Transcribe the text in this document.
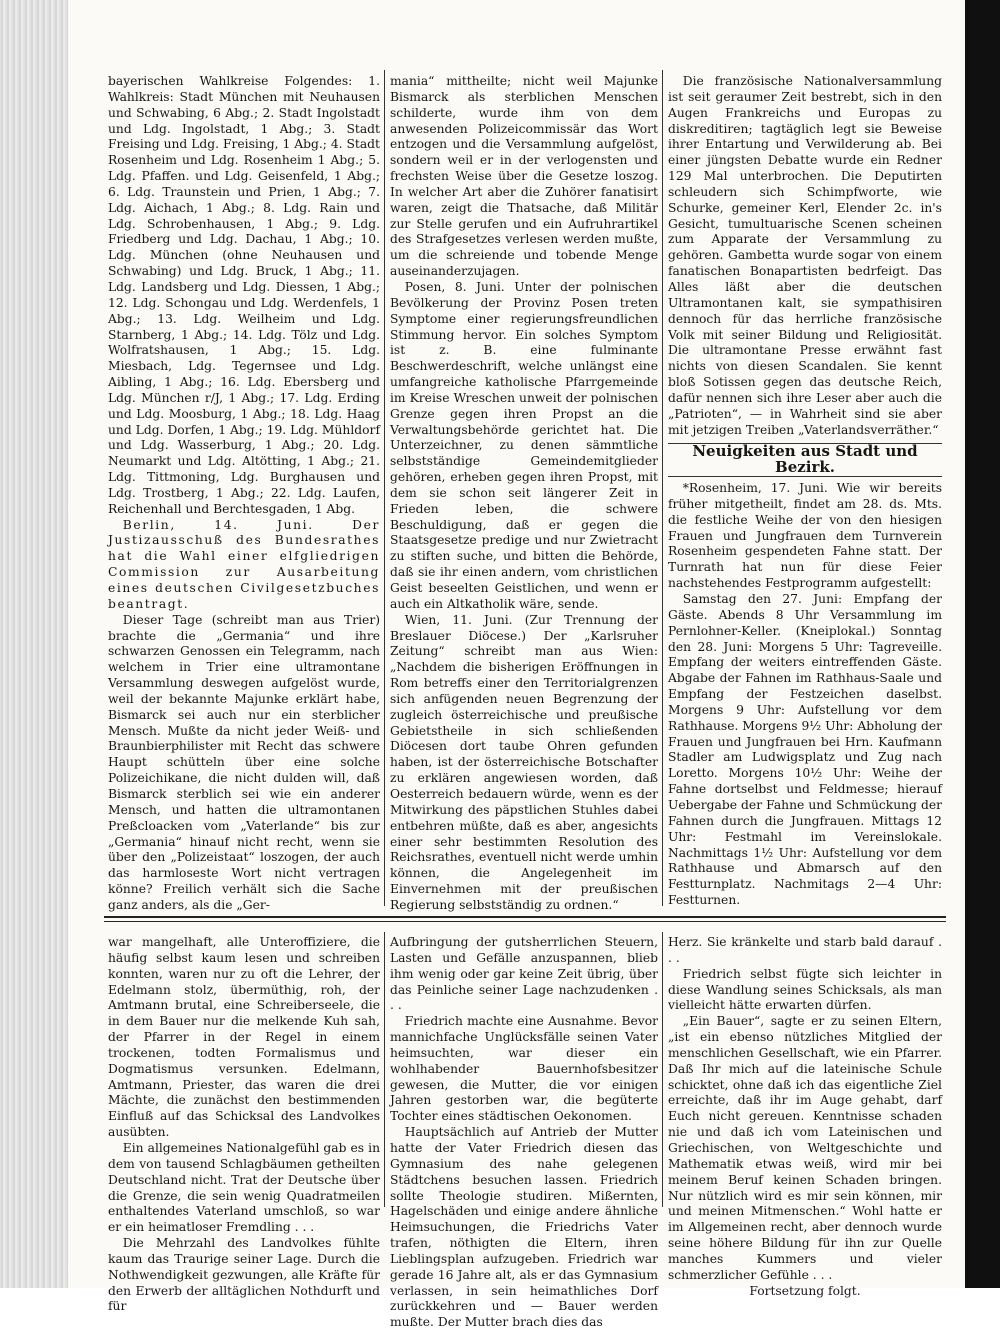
bayerischen Wahlkreise Folgendes: 1. Wahlkreis: Stadt München mit Neuhausen und Schwabing, 6 Abg.; 2. Stadt Ingolstadt und Ldg. Ingolstadt, 1 Abg.; 3. Stadt Freising und Ldg. Freising, 1 Abg.; 4. Stadt Rosenheim und Ldg. Rosenheim 1 Abg.; 5. Ldg. Pfaffen. und Ldg. Geisenfeld, 1 Abg.; 6. Ldg. Traunstein und Prien, 1 Abg.; 7. Ldg. Aichach, 1 Abg.; 8. Ldg. Rain und Ldg. Schrobenhausen, 1 Abg.; 9. Ldg. Friedberg und Ldg. Dachau, 1 Abg.; 10. Ldg. München (ohne Neuhausen und Schwabing) und Ldg. Bruck, 1 Abg.; 11. Ldg. Landsberg und Ldg. Diessen, 1 Abg.; 12. Ldg. Schongau und Ldg. Werdenfels, 1 Abg.; 13. Ldg. Weilheim und Ldg. Starnberg, 1 Abg.; 14. Ldg. Tölz und Ldg. Wolfratshausen, 1 Abg.; 15. Ldg. Miesbach, Ldg. Tegernsee und Ldg. Aibling, 1 Abg.; 16. Ldg. Ebersberg und Ldg. München r/J, 1 Abg.; 17. Ldg. Erding und Ldg. Moosburg, 1 Abg.; 18. Ldg. Haag und Ldg. Dorfen, 1 Abg.; 19. Ldg. Mühldorf und Ldg. Wasserburg, 1 Abg.; 20. Ldg. Neumarkt und Ldg. Altötting, 1 Abg.; 21. Ldg. Tittmoning, Ldg. Burghausen und Ldg. Trostberg, 1 Abg.; 22. Ldg. Laufen, Reichenhall und Berchtesgaden, 1 Abg.

Berlin, 14. Juni. Der Justizausschuß des Bundesrathes hat die Wahl einer elfgliedrigen Commission zur Ausarbeitung eines deutschen Civilgesetzbuches beantragt.

Dieser Tage (schreibt man aus Trier) brachte die „Germania“ und ihre schwarzen Genossen ein Telegramm, nach welchem in Trier eine ultramontane Versammlung deswegen aufgelöst wurde, weil der bekannte Majunke erklärt habe, Bismarck sei auch nur ein sterblicher Mensch. Mußte da nicht jeder Weiß- und Braunbierphilister mit Recht das schwere Haupt schütteln über eine solche Polizeichikane, die nicht dulden will, daß Bismarck sterblich sei wie ein anderer Mensch, und hatten die ultramontanen Preßcloacken vom „Vaterlande“ bis zur „Germania“ hinauf nicht recht, wenn sie über den „Polizeistaat“ loszogen, der auch das harmloseste Wort nicht vertragen könne? Freilich verhält sich die Sache ganz anders, als die „Ger-

mania“ mittheilte; nicht weil Majunke Bismarck als sterblichen Menschen schilderte, wurde ihm von dem anwesenden Polizeicommissär das Wort entzogen und die Versammlung aufgelöst, sondern weil er in der verlogensten und frechsten Weise über die Gesetze loszog. In welcher Art aber die Zuhörer fanatisirt waren, zeigt die Thatsache, daß Militär zur Stelle gerufen und ein Aufruhrartikel des Strafgesetzes verlesen werden mußte, um die schreiende und tobende Menge auseinanderzujagen.

Posen, 8. Juni. Unter der polnischen Bevölkerung der Provinz Posen treten Symptome einer regierungsfreundlichen Stimmung hervor. Ein solches Symptom ist z. B. eine fulminante Beschwerdeschrift, welche unlängst eine umfangreiche katholische Pfarrgemeinde im Kreise Wreschen unweit der polnischen Grenze gegen ihren Propst an die Verwaltungsbehörde gerichtet hat. Die Unterzeichner, zu denen sämmtliche selbstständige Gemeindemitglieder gehören, erheben gegen ihren Propst, mit dem sie schon seit längerer Zeit in Frieden leben, die schwere Beschuldigung, daß er gegen die Staatsgesetze predige und nur Zwietracht zu stiften suche, und bitten die Behörde, daß sie ihr einen andern, vom christlichen Geist beseelten Geistlichen, und wenn er auch ein Altkatholik wäre, sende.

Wien, 11. Juni. (Zur Trennung der Breslauer Diöcese.) Der „Karlsruher Zeitung“ schreibt man aus Wien: „Nachdem die bisherigen Eröffnungen in Rom betreffs einer den Territorialgrenzen sich anfügenden neuen Begrenzung der zugleich österreichische und preußische Gebietstheile in sich schließenden Diöcesen dort taube Ohren gefunden haben, ist der österreichische Botschafter zu erklären angewiesen worden, daß Oesterreich bedauern würde, wenn es der Mitwirkung des päpstlichen Stuhles dabei entbehren müßte, daß es aber, angesichts einer sehr bestimmten Resolution des Reichsrathes, eventuell nicht werde umhin können, die Angelegenheit im Einvernehmen mit der preußischen Regierung selbstständig zu ordnen.“

Die französische Nationalversammlung ist seit geraumer Zeit bestrebt, sich in den Augen Frankreichs und Europas zu diskreditiren; tagtäglich legt sie Beweise ihrer Entartung und Verwilderung ab. Bei einer jüngsten Debatte wurde ein Redner 129 Mal unterbrochen. Die Deputirten schleudern sich Schimpfworte, wie Schurke, gemeiner Kerl, Elender 2c. in's Gesicht, tumultuarische Scenen scheinen zum Apparate der Versammlung zu gehören. Gambetta wurde sogar von einem fanatischen Bonapartisten bedrfeigt. Das Alles läßt aber die deutschen Ultramontanen kalt, sie sympathisiren dennoch für das herrliche französische Volk mit seiner Bildung und Religiosität. Die ultramontane Presse erwähnt fast nichts von diesen Scandalen. Sie kennt bloß Sotissen gegen das deutsche Reich, dafür nennen sich ihre Leser aber auch die „Patrioten“, — in Wahrheit sind sie aber mit jetzigen Treiben „Vaterlandsverräther.“

Neuigkeiten aus Stadt und Bezirk.

*Rosenheim, 17. Juni. Wie wir bereits früher mitgetheilt, findet am 28. ds. Mts. die festliche Weihe der von den hiesigen Frauen und Jungfrauen dem Turnverein Rosenheim gespendeten Fahne statt. Der Turnrath hat nun für diese Feier nachstehendes Festprogramm aufgestellt:

Samstag den 27. Juni: Empfang der Gäste. Abends 8 Uhr Versammlung im Pernlohner-Keller. (Kneiplokal.) Sonntag den 28. Juni: Morgens 5 Uhr: Tagreveille. Empfang der weiters eintreffenden Gäste. Abgabe der Fahnen im Rathhaus-Saale und Empfang der Festzeichen daselbst. Morgens 9 Uhr: Aufstellung vor dem Rathhause. Morgens 9½ Uhr: Abholung der Frauen und Jungfrauen bei Hrn. Kaufmann Stadler am Ludwigsplatz und Zug nach Loretto. Morgens 10½ Uhr: Weihe der Fahne dortselbst und Feldmesse; hierauf Uebergabe der Fahne und Schmückung der Fahnen durch die Jungfrauen. Mittags 12 Uhr: Festmahl im Vereinslokale. Nachmittags 1½ Uhr: Aufstellung vor dem Rathhause und Abmarsch auf den Festturnplatz. Nachmitags 2—4 Uhr: Festturnen.

war mangelhaft, alle Unteroffiziere, die häufig selbst kaum lesen und schreiben konnten, waren nur zu oft die Lehrer, der Edelmann stolz, übermüthig, roh, der Amtmann brutal, eine Schreiberseele, die in dem Bauer nur die melkende Kuh sah, der Pfarrer in der Regel in einem trockenen, todten Formalismus und Dogmatismus versunken. Edelmann, Amtmann, Priester, das waren die drei Mächte, die zunächst den bestimmenden Einfluß auf das Schicksal des Landvolkes ausübten.

Ein allgemeines Nationalgefühl gab es in dem von tausend Schlagbäumen getheilten Deutschland nicht. Trat der Deutsche über die Grenze, die sein wenig Quadratmeilen enthaltendes Vaterland umschloß, so war er ein heimatloser Fremdling . . .

Die Mehrzahl des Landvolkes fühlte kaum das Traurige seiner Lage. Durch die Nothwendigkeit gezwungen, alle Kräfte für den Erwerb der alltäglichen Nothdurft und für

Aufbringung der gutsherrlichen Steuern, Lasten und Gefälle anzuspannen, blieb ihm wenig oder gar keine Zeit übrig, über das Peinliche seiner Lage nachzudenken . . .

Friedrich machte eine Ausnahme. Bevor mannichfache Unglücksfälle seinen Vater heimsuchten, war dieser ein wohlhabender Bauernhofsbesitzer gewesen, die Mutter, die vor einigen Jahren gestorben war, die begüterte Tochter eines städtischen Oekonomen.

Hauptsächlich auf Antrieb der Mutter hatte der Vater Friedrich diesen das Gymnasium des nahe gelegenen Städtchens besuchen lassen. Friedrich sollte Theologie studiren. Mißernten, Hagelschäden und einige andere ähnliche Heimsuchungen, die Friedrichs Vater trafen, nöthigten die Eltern, ihren Lieblingsplan aufzugeben. Friedrich war gerade 16 Jahre alt, als er das Gymnasium verlassen, in sein heimathliches Dorf zurückkehren und — Bauer werden mußte. Der Mutter brach dies das

Herz. Sie kränkelte und starb bald darauf . . .

Friedrich selbst fügte sich leichter in diese Wandlung seines Schicksals, als man vielleicht hätte erwarten dürfen.

„Ein Bauer“, sagte er zu seinen Eltern, „ist ein ebenso nützliches Mitglied der menschlichen Gesellschaft, wie ein Pfarrer. Daß Ihr mich auf die lateinische Schule schicktet, ohne daß ich das eigentliche Ziel erreichte, daß ihr im Auge gehabt, darf Euch nicht gereuen. Kenntnisse schaden nie und daß ich vom Lateinischen und Griechischen, von Weltgeschichte und Mathematik etwas weiß, wird mir bei meinem Beruf keinen Schaden bringen. Nur nützlich wird es mir sein können, mir und meinen Mitmenschen.“ Wohl hatte er im Allgemeinen recht, aber dennoch wurde seine höhere Bildung für ihn zur Quelle manches Kummers und vieler schmerzlicher Gefühle . . .

Fortsetzung folgt.
